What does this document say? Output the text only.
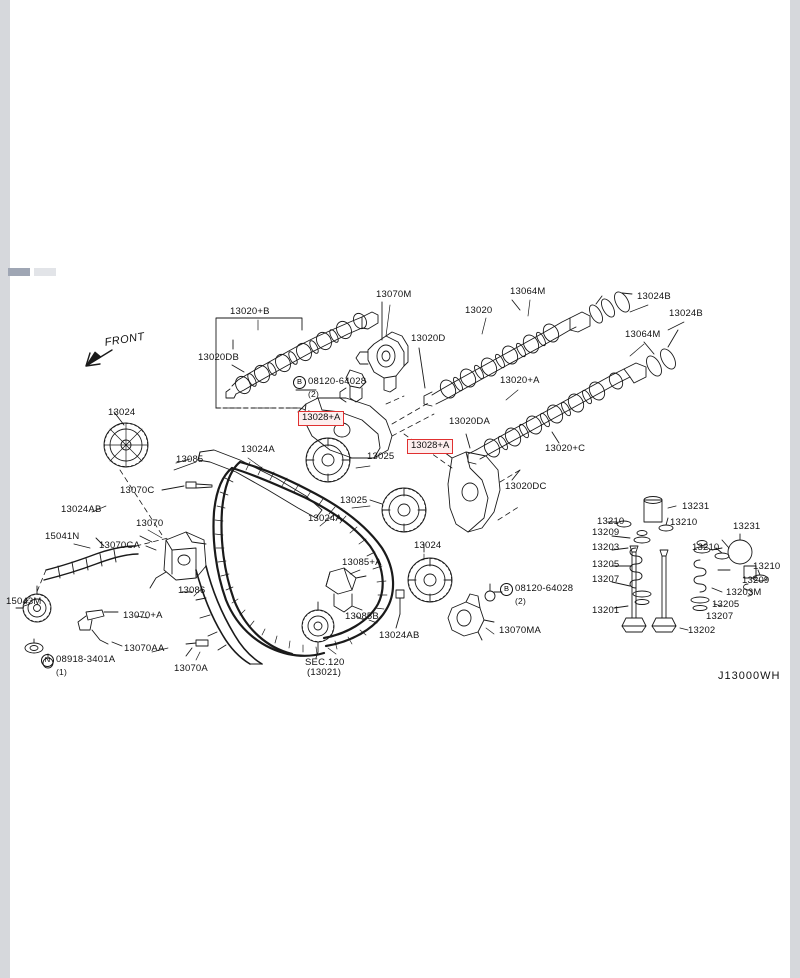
13020+B
13070M	13064M	13024B
13020	13024B
13020DB
13020D	13064M
13020+A
13024
13020DA
13020+C
13085
13024A
13025
13070C
13025
13020DC
13024AB
13024A
13070
13231
13210	13210	13231
15041N
13070CA
13209
13203	13210
13024
13085+A	13205	13210
13209
13207
13203M
13086
15043M
13201
13205
13070+A	13085B	13207
13202
13024AB	13070MA
13070AA
13070A
SEC.120
(13021)
FRONT
B 08120-64028
(2)
B 08120-64028
(2)
N 08918-3401A
(1)
13028+A
13028+A
J13000WH
